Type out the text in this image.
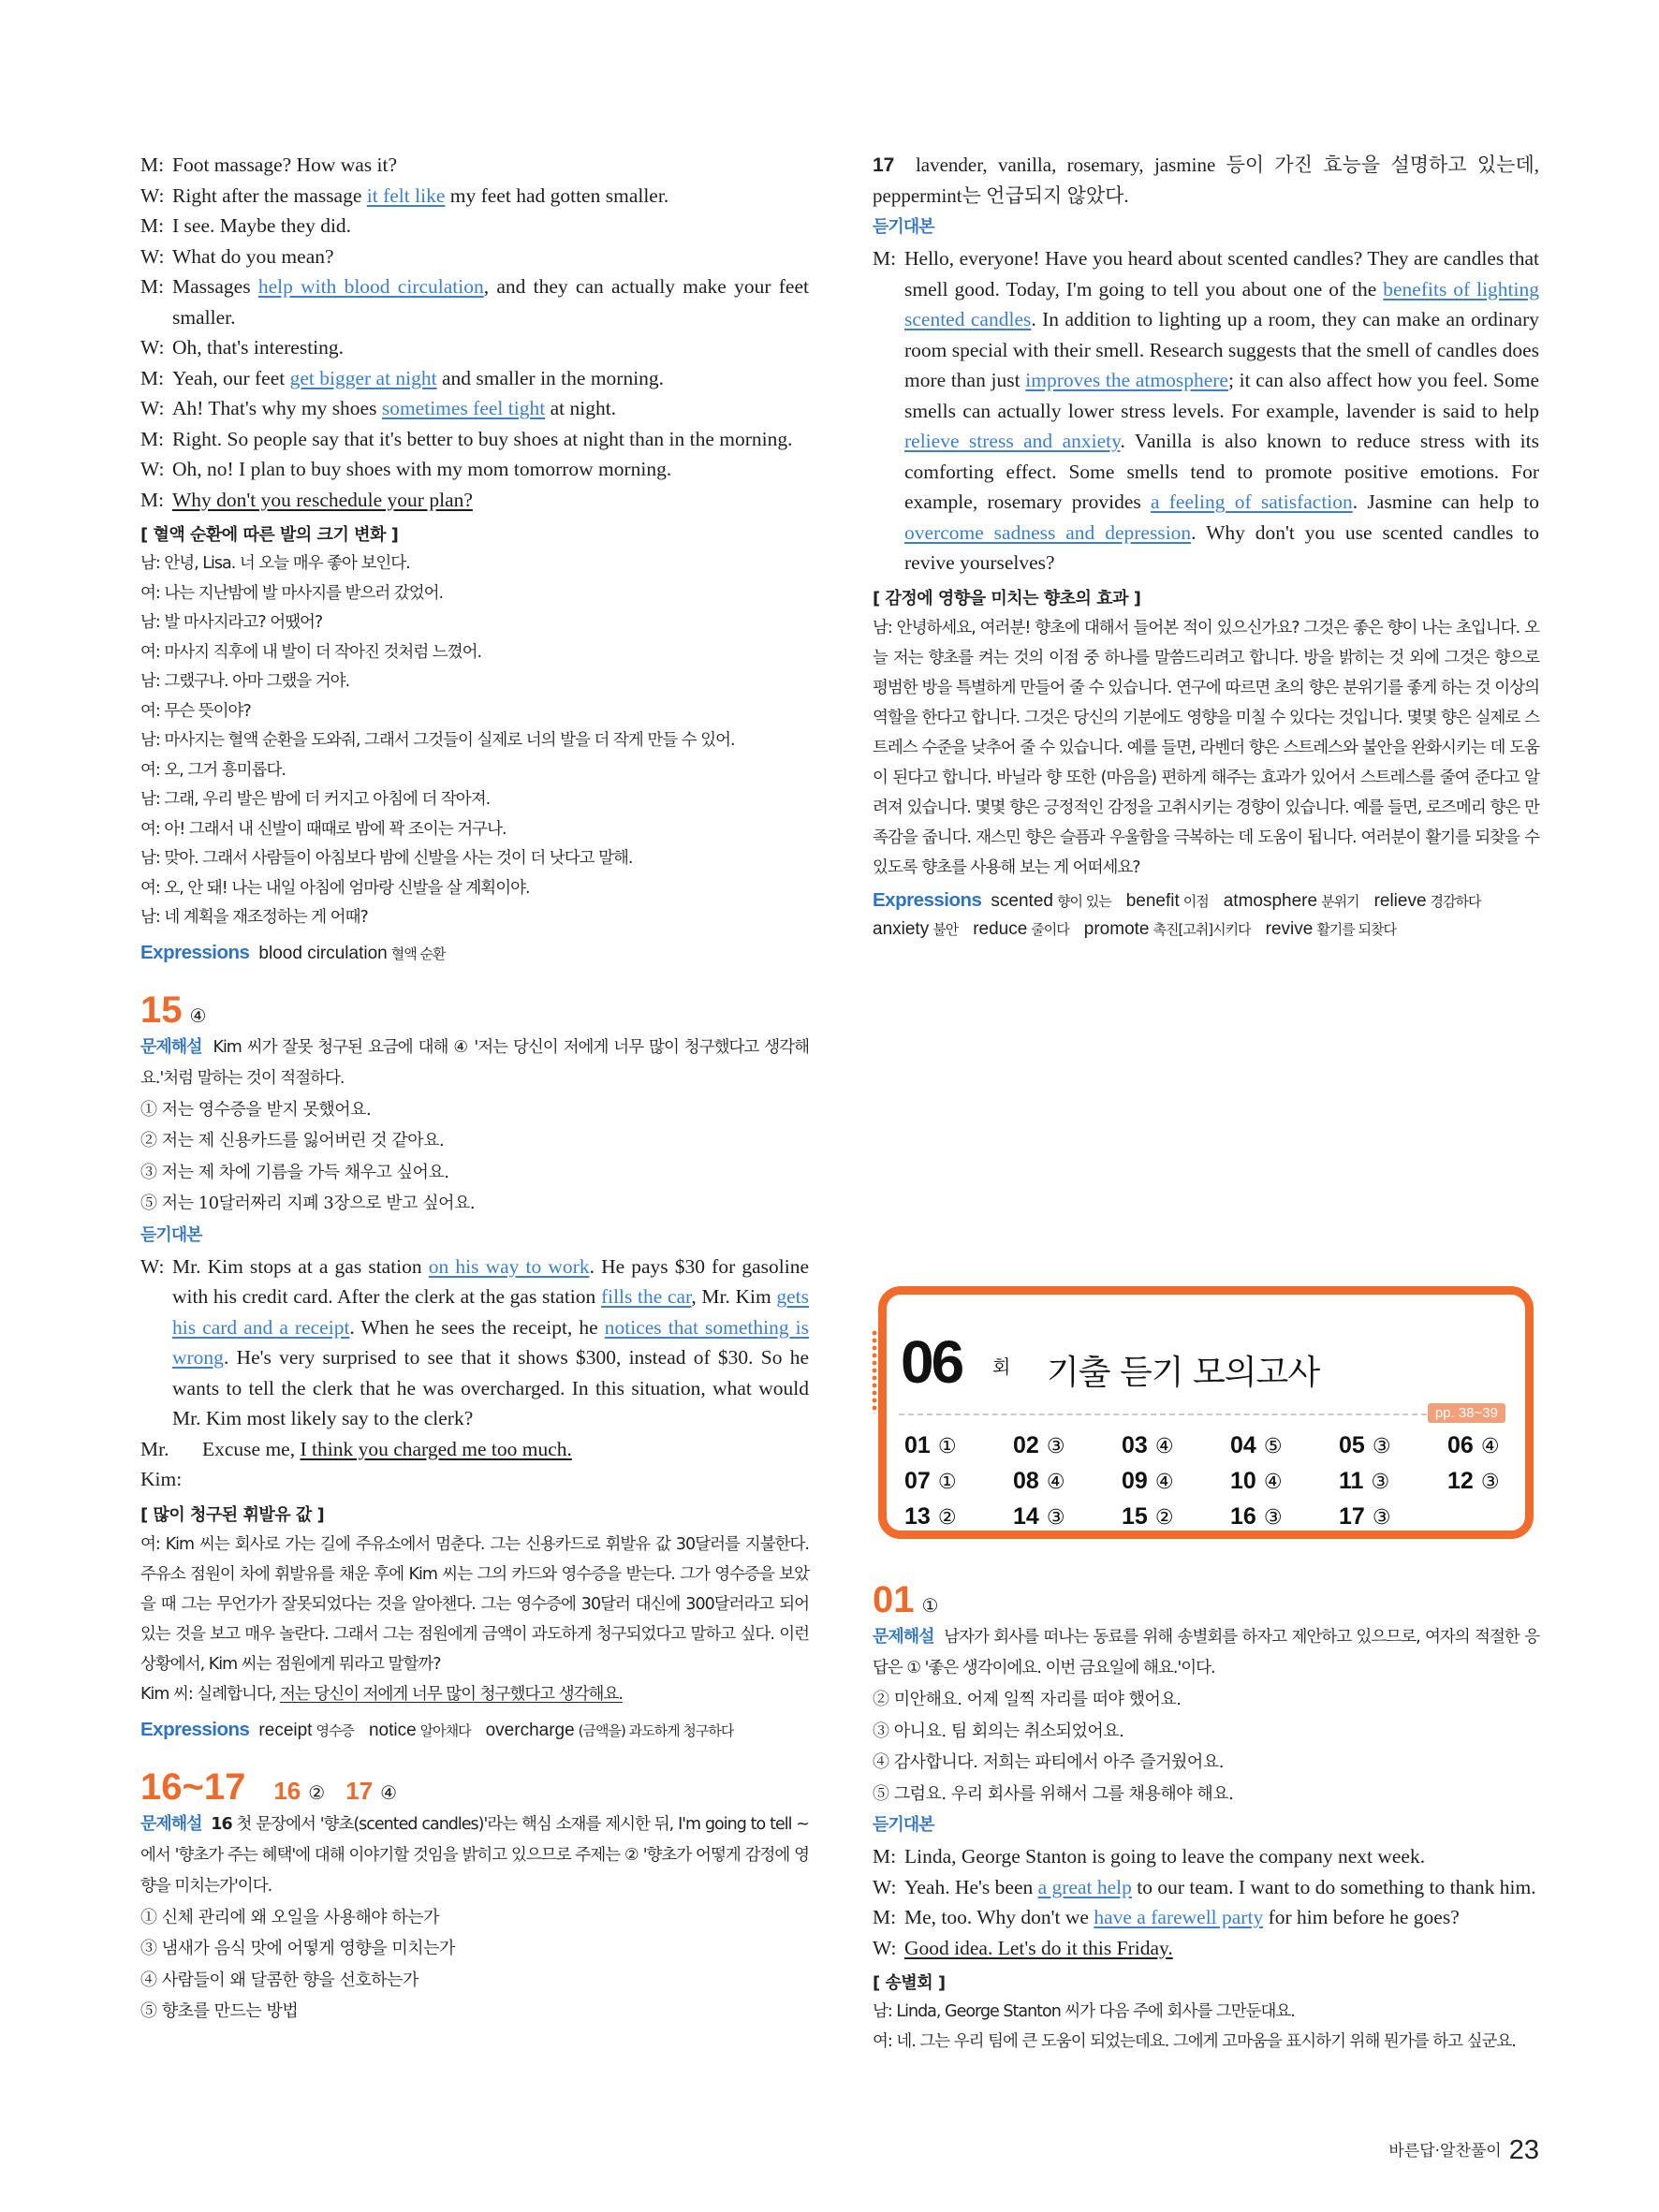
M: Foot massage? How was it?
W: Right after the massage it felt like my feet had gotten smaller.
M: I see. Maybe they did.
W: What do you mean?
M: Massages help with blood circulation, and they can actually make your feet smaller.
W: Oh, that's interesting.
M: Yeah, our feet get bigger at night and smaller in the morning.
W: Ah! That's why my shoes sometimes feel tight at night.
M: Right. So people say that it's better to buy shoes at night than in the morning.
W: Oh, no! I plan to buy shoes with my mom tomorrow morning.
M: Why don't you reschedule your plan?
[ 혈액 순환에 따른 발의 크기 변화 ]
남: 안녕, Lisa. 너 오늘 매우 좋아 보인다.
여: 나는 지난밤에 발 마사지를 받으러 갔었어.
남: 발 마사지라고? 어땠어?
여: 마사지 직후에 내 발이 더 작아진 것처럼 느꼈어.
남: 그랬구나. 아마 그랬을 거야.
여: 무슨 뜻이야?
남: 마사지는 혈액 순환을 도와줘, 그래서 그것들이 실제로 너의 발을 더 작게 만들 수 있어.
여: 오, 그거 흥미롭다.
남: 그래, 우리 발은 밤에 더 커지고 아침에 더 작아져.
여: 아! 그래서 내 신발이 때때로 밤에 꽉 조이는 거구나.
남: 맞아. 그래서 사람들이 아침보다 밤에 신발을 사는 것이 더 낫다고 말해.
여: 오, 안 돼! 나는 내일 아침에 엄마랑 신발을 살 계획이야.
남: 네 계획을 재조정하는 게 어때?
Expressions blood circulation 혈액 순환
15 ④
문제해설 Kim 씨가 잘못 청구된 요금에 대해 ④ '저는 당신이 저에게 너무 많이 청구했다고 생각해요.'처럼 말하는 것이 적절하다.
① 저는 영수증을 받지 못했어요.
② 저는 제 신용카드를 잃어버린 것 같아요.
③ 저는 제 차에 기름을 가득 채우고 싶어요.
⑤ 저는 10달러짜리 지폐 3장으로 받고 싶어요.
듣기대본
W: Mr. Kim stops at a gas station on his way to work. He pays $30 for gasoline with his credit card. After the clerk at the gas station fills the car, Mr. Kim gets his card and a receipt. When he sees the receipt, he notices that something is wrong. He's very surprised to see that it shows $300, instead of $30. So he wants to tell the clerk that he was overcharged. In this situation, what would Mr. Kim most likely say to the clerk?
Mr. Kim:
Excuse me, I think you charged me too much.
[ 많이 청구된 휘발유 값 ]
여: Kim 씨는 회사로 가는 길에 주유소에서 멈춘다. 그는 신용카드로 휘발유 값 30달러를 지불한다. 주유소 점원이 차에 휘발유를 채운 후에 Kim 씨는 그의 카드와 영수증을 받는다. 그가 영수증을 보았을 때 그는 무언가가 잘못되었다는 것을 알아챈다. 그는 영수증에 30달러 대신에 300달러라고 되어 있는 것을 보고 매우 놀란다. 그래서 그는 점원에게 금액이 과도하게 청구되었다고 말하고 싶다. 이런 상황에서, Kim 씨는 점원에게 뭐라고 말할까?
Kim 씨: 실례합니다, 저는 당신이 저에게 너무 많이 청구했다고 생각해요.
Expressions receipt 영수증 notice 알아채다 overcharge (금액을) 과도하게 청구하다
16~17 16 ② 17 ④
문제해설 16 첫 문장에서 '향초(scented candles)'라는 핵심 소재를 제시한 뒤, I'm going to tell ~에서 '향초가 주는 혜택'에 대해 이야기할 것임을 밝히고 있으므로 주제는 ② '향초가 어떻게 감정에 영향을 미치는가'이다.
① 신체 관리에 왜 오일을 사용해야 하는가
③ 냄새가 음식 맛에 어떻게 영향을 미치는가
④ 사람들이 왜 달콤한 향을 선호하는가
⑤ 향초를 만드는 방법
17 lavender, vanilla, rosemary, jasmine 등이 가진 효능을 설명하고 있는데, peppermint는 언급되지 않았다.
듣기대본
M: Hello, everyone! Have you heard about scented candles? They are candles that smell good. Today, I'm going to tell you about one of the benefits of lighting scented candles. In addition to lighting up a room, they can make an ordinary room special with their smell. Research suggests that the smell of candles does more than just improves the atmosphere; it can also affect how you feel. Some smells can actually lower stress levels. For example, lavender is said to help relieve stress and anxiety. Vanilla is also known to reduce stress with its comforting effect. Some smells tend to promote positive emotions. For example, rosemary provides a feeling of satisfaction. Jasmine can help to overcome sadness and depression. Why don't you use scented candles to revive yourselves?
[ 감정에 영향을 미치는 향초의 효과 ]
남: 안녕하세요, 여러분! 향초에 대해서 들어본 적이 있으신가요? 그것은 좋은 향이 나는 초입니다. 오늘 저는 향초를 켜는 것의 이점 중 하나를 말씀드리려고 합니다. 방을 밝히는 것 외에 그것은 향으로 평범한 방을 특별하게 만들어 줄 수 있습니다. 연구에 따르면 초의 향은 분위기를 좋게 하는 것 이상의 역할을 한다고 합니다. 그것은 당신의 기분에도 영향을 미칠 수 있다는 것입니다. 몇몇 향은 실제로 스트레스 수준을 낮추어 줄 수 있습니다. 예를 들면, 라벤더 향은 스트레스와 불안을 완화시키는 데 도움이 된다고 합니다. 바닐라 향 또한 (마음을) 편하게 해주는 효과가 있어서 스트레스를 줄여 준다고 알려져 있습니다. 몇몇 향은 긍정적인 감정을 고취시키는 경향이 있습니다. 예를 들면, 로즈메리 향은 만족감을 줍니다. 재스민 향은 슬픔과 우울함을 극복하는 데 도움이 됩니다. 여러분이 활기를 되찾을 수 있도록 향초를 사용해 보는 게 어떠세요?
Expressions scented 향이 있는 benefit 이점 atmosphere 분위기 relieve 경감하다anxiety 불안 reduce 줄이다 promote 촉진[고취]시키다 revive 활기를 되찾다
06 회 기출 듣기 모의고사
pp. 38~39
01 ①	02 ③	03 ④	04 ⑤	05 ③	06 ④
07 ①	08 ④	09 ④	10 ④	11 ③	12 ③
13 ②	14 ③	15 ②	16 ③	17 ③
01 ①
문제해설 남자가 회사를 떠나는 동료를 위해 송별회를 하자고 제안하고 있으므로, 여자의 적절한 응답은 ① '좋은 생각이에요. 이번 금요일에 해요.'이다.
② 미안해요. 어제 일찍 자리를 떠야 했어요.
③ 아니요. 팀 회의는 취소되었어요.
④ 감사합니다. 저희는 파티에서 아주 즐거웠어요.
⑤ 그럼요. 우리 회사를 위해서 그를 채용해야 해요.
듣기대본
M: Linda, George Stanton is going to leave the company next week.
W: Yeah. He's been a great help to our team. I want to do something to thank him.
M: Me, too. Why don't we have a farewell party for him before he goes?
W: Good idea. Let's do it this Friday.
[ 송별회 ]
남: Linda, George Stanton 씨가 다음 주에 회사를 그만둔대요.
여: 네. 그는 우리 팀에 큰 도움이 되었는데요. 그에게 고마움을 표시하기 위해 뭔가를 하고 싶군요.
바른답·알찬풀이 23
